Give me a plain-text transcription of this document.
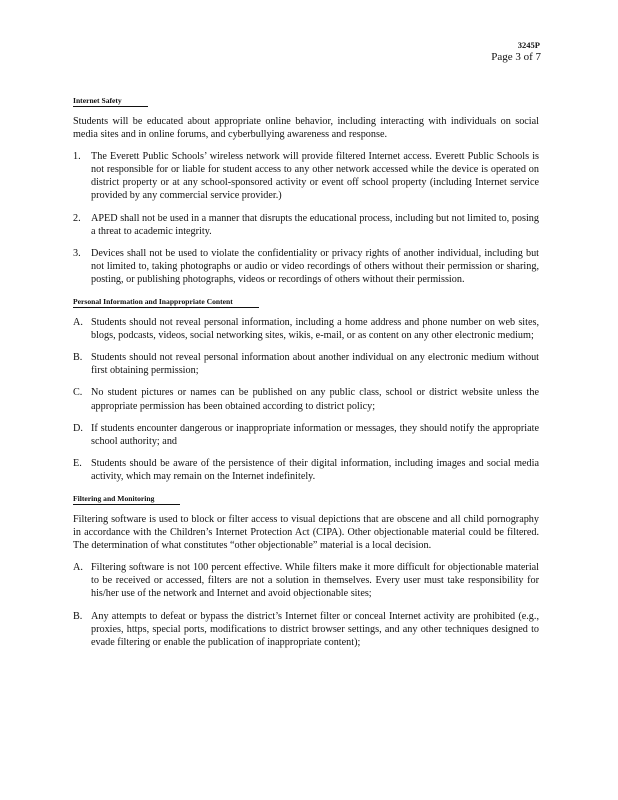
3245P
Page 3 of 7
Internet Safety

Students will be educated about appropriate online behavior, including interacting with individuals on social media sites and in online forums, and cyberbullying awareness and response.

1. The Everett Public Schools’ wireless network will provide filtered Internet access. Everett Public Schools is not responsible for or liable for student access to any other network accessed while the device is operated on district property or at any school-sponsored activity or event off school property (including Internet service provided by any commercial service provider.)
2. APED shall not be used in a manner that disrupts the educational process, including but not limited to, posing a threat to academic integrity.
3. Devices shall not be used to violate the confidentiality or privacy rights of another individual, including but not limited to, taking photographs or audio or video recordings of others without their permission or sharing, posting, or publishing photographs, videos or recordings of others without their permission.
Personal Information and Inappropriate Content
A. Students should not reveal personal information, including a home address and phone number on web sites, blogs, podcasts, videos, social networking sites, wikis, e-mail, or as content on any other electronic medium;
B. Students should not reveal personal information about another individual on any electronic medium without first obtaining permission;
C. No student pictures or names can be published on any public class, school or district website unless the appropriate permission has been obtained according to district policy;
D. If students encounter dangerous or inappropriate information or messages, they should notify the appropriate school authority; and
E. Students should be aware of the persistence of their digital information, including images and social media activity, which may remain on the Internet indefinitely.
Filtering and Monitoring

Filtering software is used to block or filter access to visual depictions that are obscene and all child pornography in accordance with the Children’s Internet Protection Act (CIPA). Other objectionable material could be filtered. The determination of what constitutes “other objectionable” material is a local decision.

A. Filtering software is not 100 percent effective. While filters make it more difficult for objectionable material to be received or accessed, filters are not a solution in themselves. Every user must take responsibility for his/her use of the network and Internet and avoid objectionable sites;
B. Any attempts to defeat or bypass the district’s Internet filter or conceal Internet activity are prohibited (e.g., proxies, https, special ports, modifications to district browser settings, and any other techniques designed to evade filtering or enable the publication of inappropriate content);
